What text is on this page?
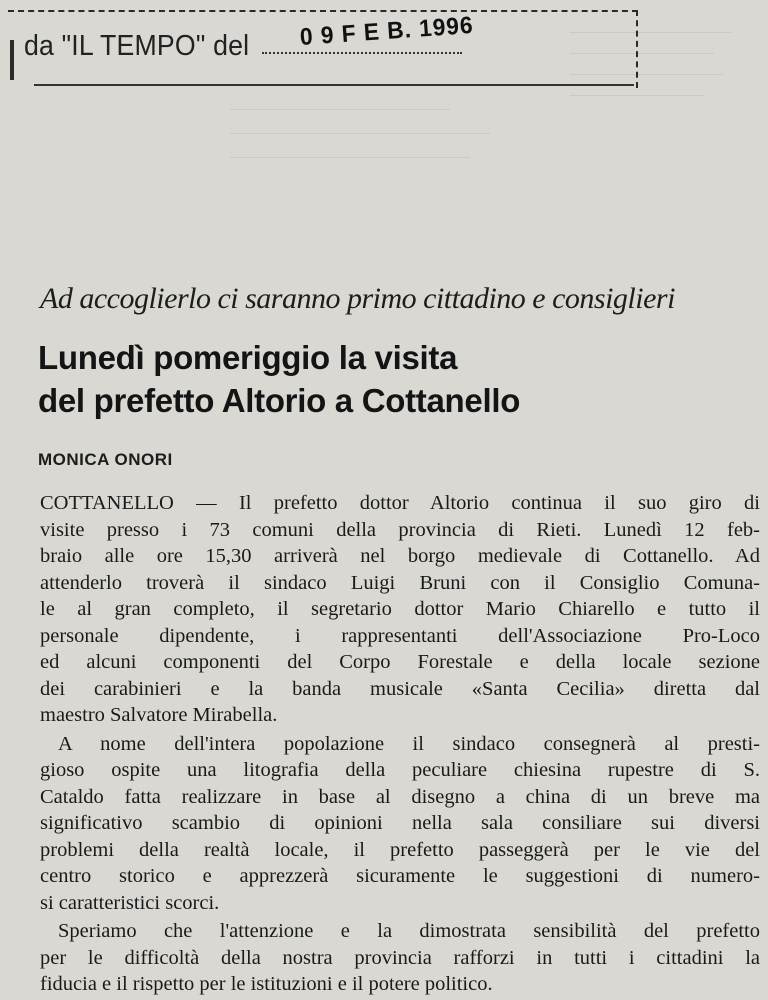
da "IL TEMPO" del 0 9 F E B. 1996
Ad accoglierlo ci saranno primo cittadino e consiglieri
Lunedì pomeriggio la visita
del prefetto Altorio a Cottanello
MONICA ONORI
COTTANELLO — Il prefetto dottor Altorio continua il suo giro di
visite presso i 73 comuni della provincia di Rieti. Lunedì 12 feb-
braio alle ore 15,30 arriverà nel borgo medievale di Cottanello. Ad
attenderlo troverà il sindaco Luigi Bruni con il Consiglio Comuna-
le al gran completo, il segretario dottor Mario Chiarello e tutto il
personale dipendente, i rappresentanti dell'Associazione Pro-Loco
ed alcuni componenti del Corpo Forestale e della locale sezione
dei carabinieri e la banda musicale «Santa Cecilia» diretta dal
maestro Salvatore Mirabella.
A nome dell'intera popolazione il sindaco consegnerà al presti-
gioso ospite una litografia della peculiare chiesina rupestre di S.
Cataldo fatta realizzare in base al disegno a china di un breve ma
significativo scambio di opinioni nella sala consiliare sui diversi
problemi della realtà locale, il prefetto passeggerà per le vie del
centro storico e apprezzerà sicuramente le suggestioni di numero-
si caratteristici scorci.
Speriamo che l'attenzione e la dimostrata sensibilità del prefetto
per le difficoltà della nostra provincia rafforzi in tutti i cittadini la
fiducia e il rispetto per le istituzioni e il potere politico.
